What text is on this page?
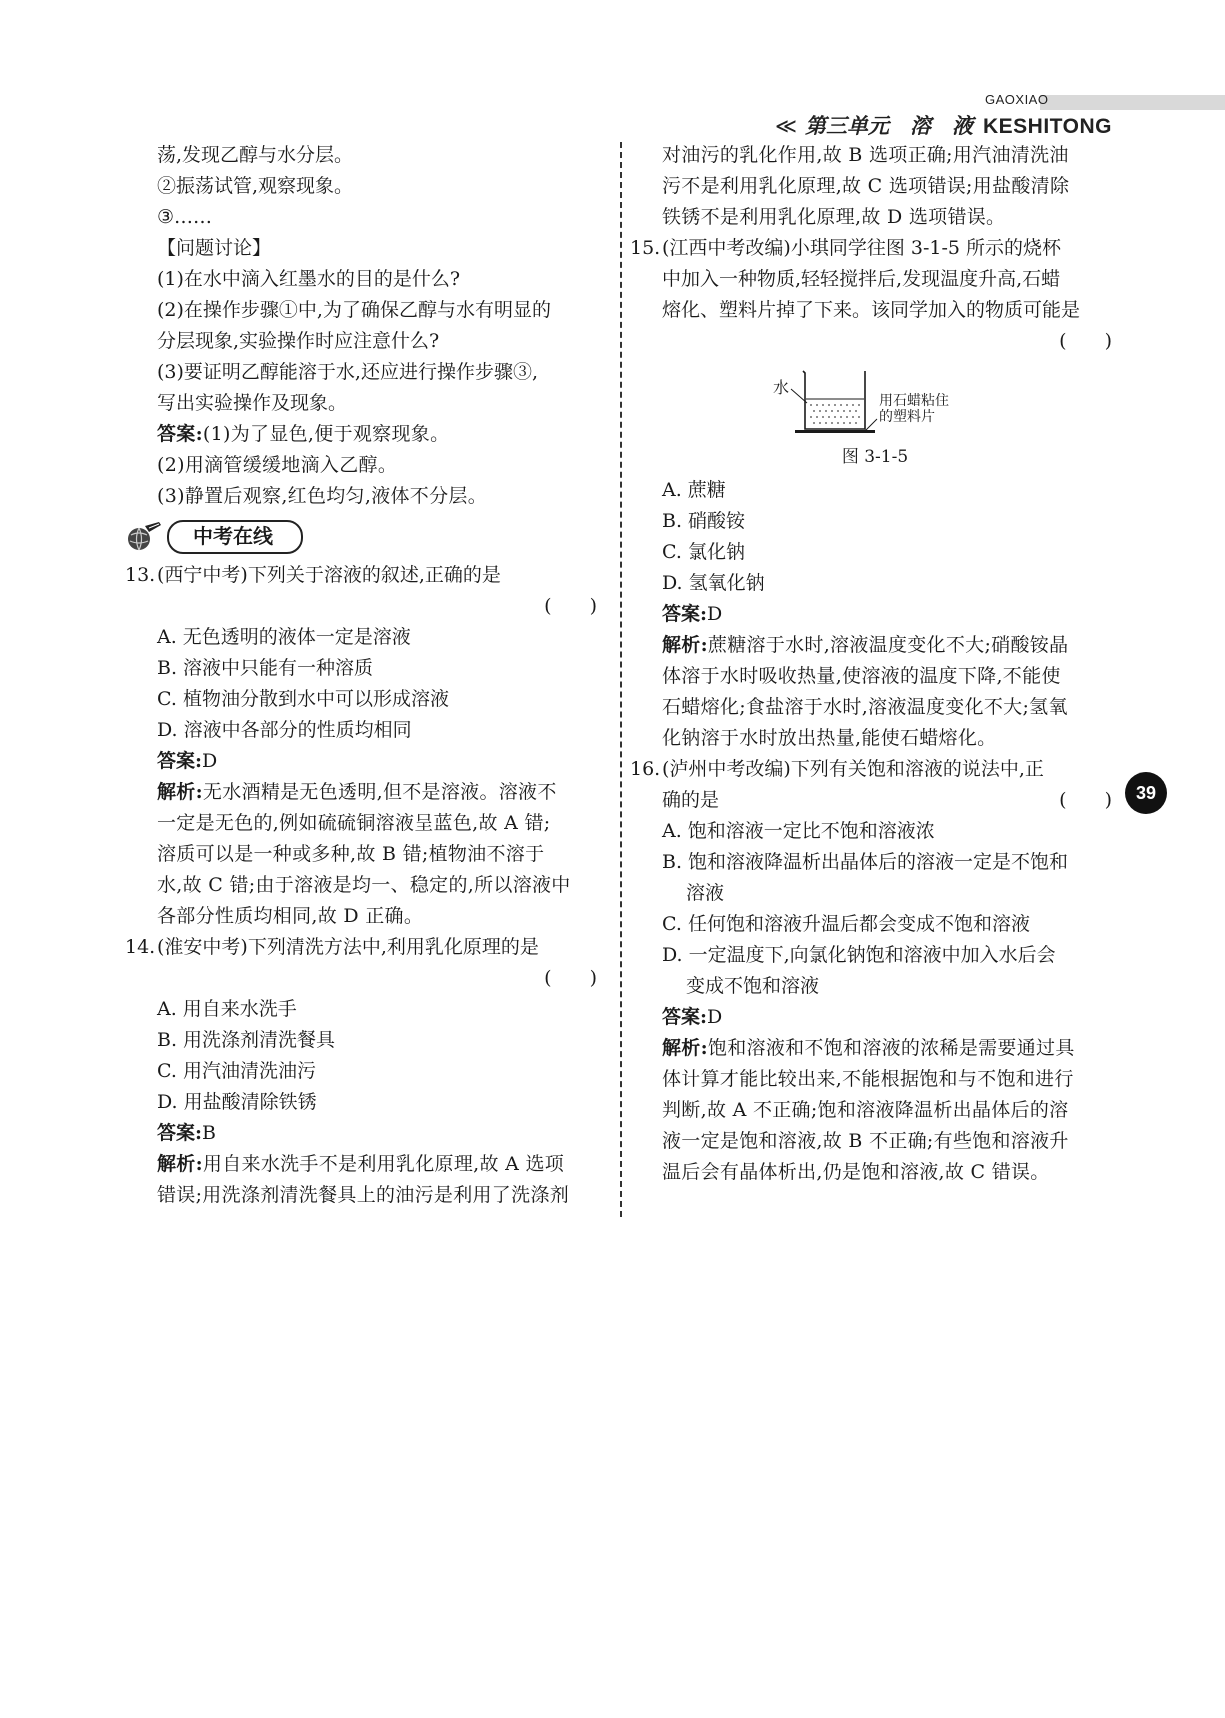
GAOXIAO
≪ 第三单元　溶　液 KESHITONG
荡,发现乙醇与水分层。
②振荡试管,观察现象。
③……
【问题讨论】
(1)在水中滴入红墨水的目的是什么?
(2)在操作步骤①中,为了确保乙醇与水有明显的
分层现象,实验操作时应注意什么?
(3)要证明乙醇能溶于水,还应进行操作步骤③,
写出实验操作及现象。
答案:(1)为了显色,便于观察现象。
(2)用滴管缓缓地滴入乙醇。
(3)静置后观察,红色均匀,液体不分层。
中考在线
13.(西宁中考)下列关于溶液的叙述,正确的是
(　　)
A. 无色透明的液体一定是溶液
B. 溶液中只能有一种溶质
C. 植物油分散到水中可以形成溶液
D. 溶液中各部分的性质均相同
答案:D
解析:无水酒精是无色透明,但不是溶液。溶液不
一定是无色的,例如硫硫铜溶液呈蓝色,故 A 错;
溶质可以是一种或多种,故 B 错;植物油不溶于
水,故 C 错;由于溶液是均一、稳定的,所以溶液中
各部分性质均相同,故 D 正确。
14.(淮安中考)下列清洗方法中,利用乳化原理的是
(　　)
A. 用自来水洗手
B. 用洗涤剂清洗餐具
C. 用汽油清洗油污
D. 用盐酸清除铁锈
答案:B
解析:用自来水洗手不是利用乳化原理,故 A 选项
错误;用洗涤剂清洗餐具上的油污是利用了洗涤剂
对油污的乳化作用,故 B 选项正确;用汽油清洗油
污不是利用乳化原理,故 C 选项错误;用盐酸清除
铁锈不是利用乳化原理,故 D 选项错误。
15.(江西中考改编)小琪同学往图 3-1-5 所示的烧杯
中加入一种物质,轻轻搅拌后,发现温度升高,石蜡
熔化、塑料片掉了下来。该同学加入的物质可能是
(　　)
水
用石蜡粘住
的塑料片
图 3-1-5
A. 蔗糖
B. 硝酸铵
C. 氯化钠
D. 氢氧化钠
答案:D
解析:蔗糖溶于水时,溶液温度变化不大;硝酸铵晶
体溶于水时吸收热量,使溶液的温度下降,不能使
石蜡熔化;食盐溶于水时,溶液温度变化不大;氢氧
化钠溶于水时放出热量,能使石蜡熔化。
16.(泸州中考改编)下列有关饱和溶液的说法中,正
确的是	(　　)
A. 饱和溶液一定比不饱和溶液浓
B. 饱和溶液降温析出晶体后的溶液一定是不饱和
溶液
C. 任何饱和溶液升温后都会变成不饱和溶液
D. 一定温度下,向氯化钠饱和溶液中加入水后会
变成不饱和溶液
答案:D
解析:饱和溶液和不饱和溶液的浓稀是需要通过具
体计算才能比较出来,不能根据饱和与不饱和进行
判断,故 A 不正确;饱和溶液降温析出晶体后的溶
液一定是饱和溶液,故 B 不正确;有些饱和溶液升
温后会有晶体析出,仍是饱和溶液,故 C 错误。
39
